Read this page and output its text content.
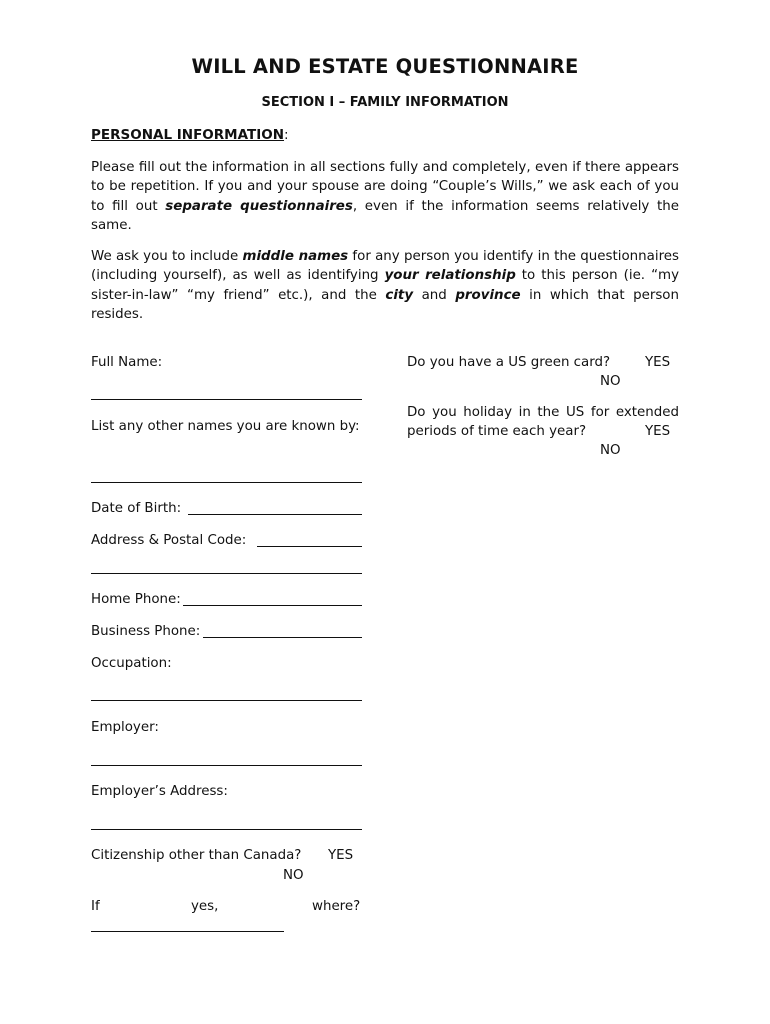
WILL AND ESTATE QUESTIONNAIRE
SECTION I – FAMILY INFORMATION
PERSONAL INFORMATION:
Please fill out the information in all sections fully and completely, even if there appears to be repetition. If you and your spouse are doing “Couple’s Wills,” we ask each of you to fill out separate questionnaires, even if the information seems relatively the same.
We ask you to include middle names for any person you identify in the questionnaires (including yourself), as well as identifying your relationship to this person (ie. “my sister-in-law” “my friend” etc.), and the city and province in which that person resides.
Full Name:
List any other names you are known by:
Date of Birth:
Address & Postal Code:
Home Phone:
Business Phone:
Occupation:
Employer:
Employer’s Address:
Citizenship other than Canada? YES
NO
If	yes,	where?
Do you have a US green card?	YES
NO
Do you holiday in the US for extended periods of time each year?	YES
NO
